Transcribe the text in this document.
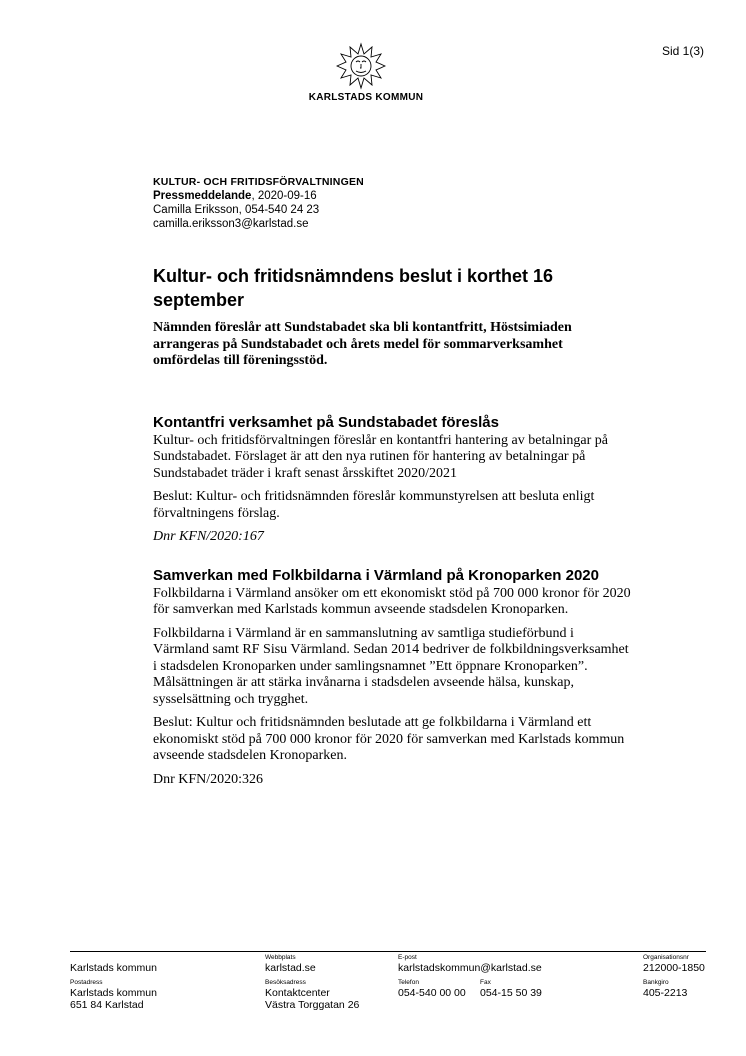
Sid 1(3)
KARLSTADS KOMMUN
KULTUR- OCH FRITIDSFÖRVALTNINGEN
Pressmeddelande, 2020-09-16
Camilla Eriksson, 054-540 24 23
camilla.eriksson3@karlstad.se
Kultur- och fritidsnämndens beslut i korthet 16 september

Nämnden föreslår att Sundstabadet ska bli kontantfritt, Höstsimiaden arrangeras på Sundstabadet och årets medel för sommarverksamhet omfördelas till föreningsstöd.

Kontantfri verksamhet på Sundstabadet föreslås

Kultur- och fritidsförvaltningen föreslår en kontantfri hantering av betalningar på Sundstabadet. Förslaget är att den nya rutinen för hantering av betalningar på Sundstabadet träder i kraft senast årsskiftet 2020/2021

Beslut: Kultur- och fritidsnämnden föreslår kommunstyrelsen att besluta enligt förvaltningens förslag.

Dnr KFN/2020:167

Samverkan med Folkbildarna i Värmland på Kronoparken 2020

Folkbildarna i Värmland ansöker om ett ekonomiskt stöd på 700 000 kronor för 2020 för samverkan med Karlstads kommun avseende stadsdelen Kronoparken.

Folkbildarna i Värmland är en sammanslutning av samtliga studieförbund i Värmland samt RF Sisu Värmland. Sedan 2014 bedriver de folkbildningsverksamhet i stadsdelen Kronoparken under samlingsnamnet ”Ett öppnare Kronoparken”. Målsättningen är att stärka invånarna i stadsdelen avseende hälsa, kunskap, sysselsättning och trygghet.

Beslut: Kultur och fritidsnämnden beslutade att ge folkbildarna i Värmland ett ekonomiskt stöd på 700 000 kronor för 2020 för samverkan med Karlstads kommun avseende stadsdelen Kronoparken.

Dnr KFN/2020:326

Karlstads kommun
Webbplats
karlstad.se
E-post
karlstadskommun@karlstad.se
Organisationsnr
212000-1850
Postadress
Karlstads kommun
651 84 Karlstad
Besöksadress
Kontaktcenter
Västra Torggatan 26
Telefon
054-540 00 00
Fax
054-15 50 39
Bankgiro
405-2213
